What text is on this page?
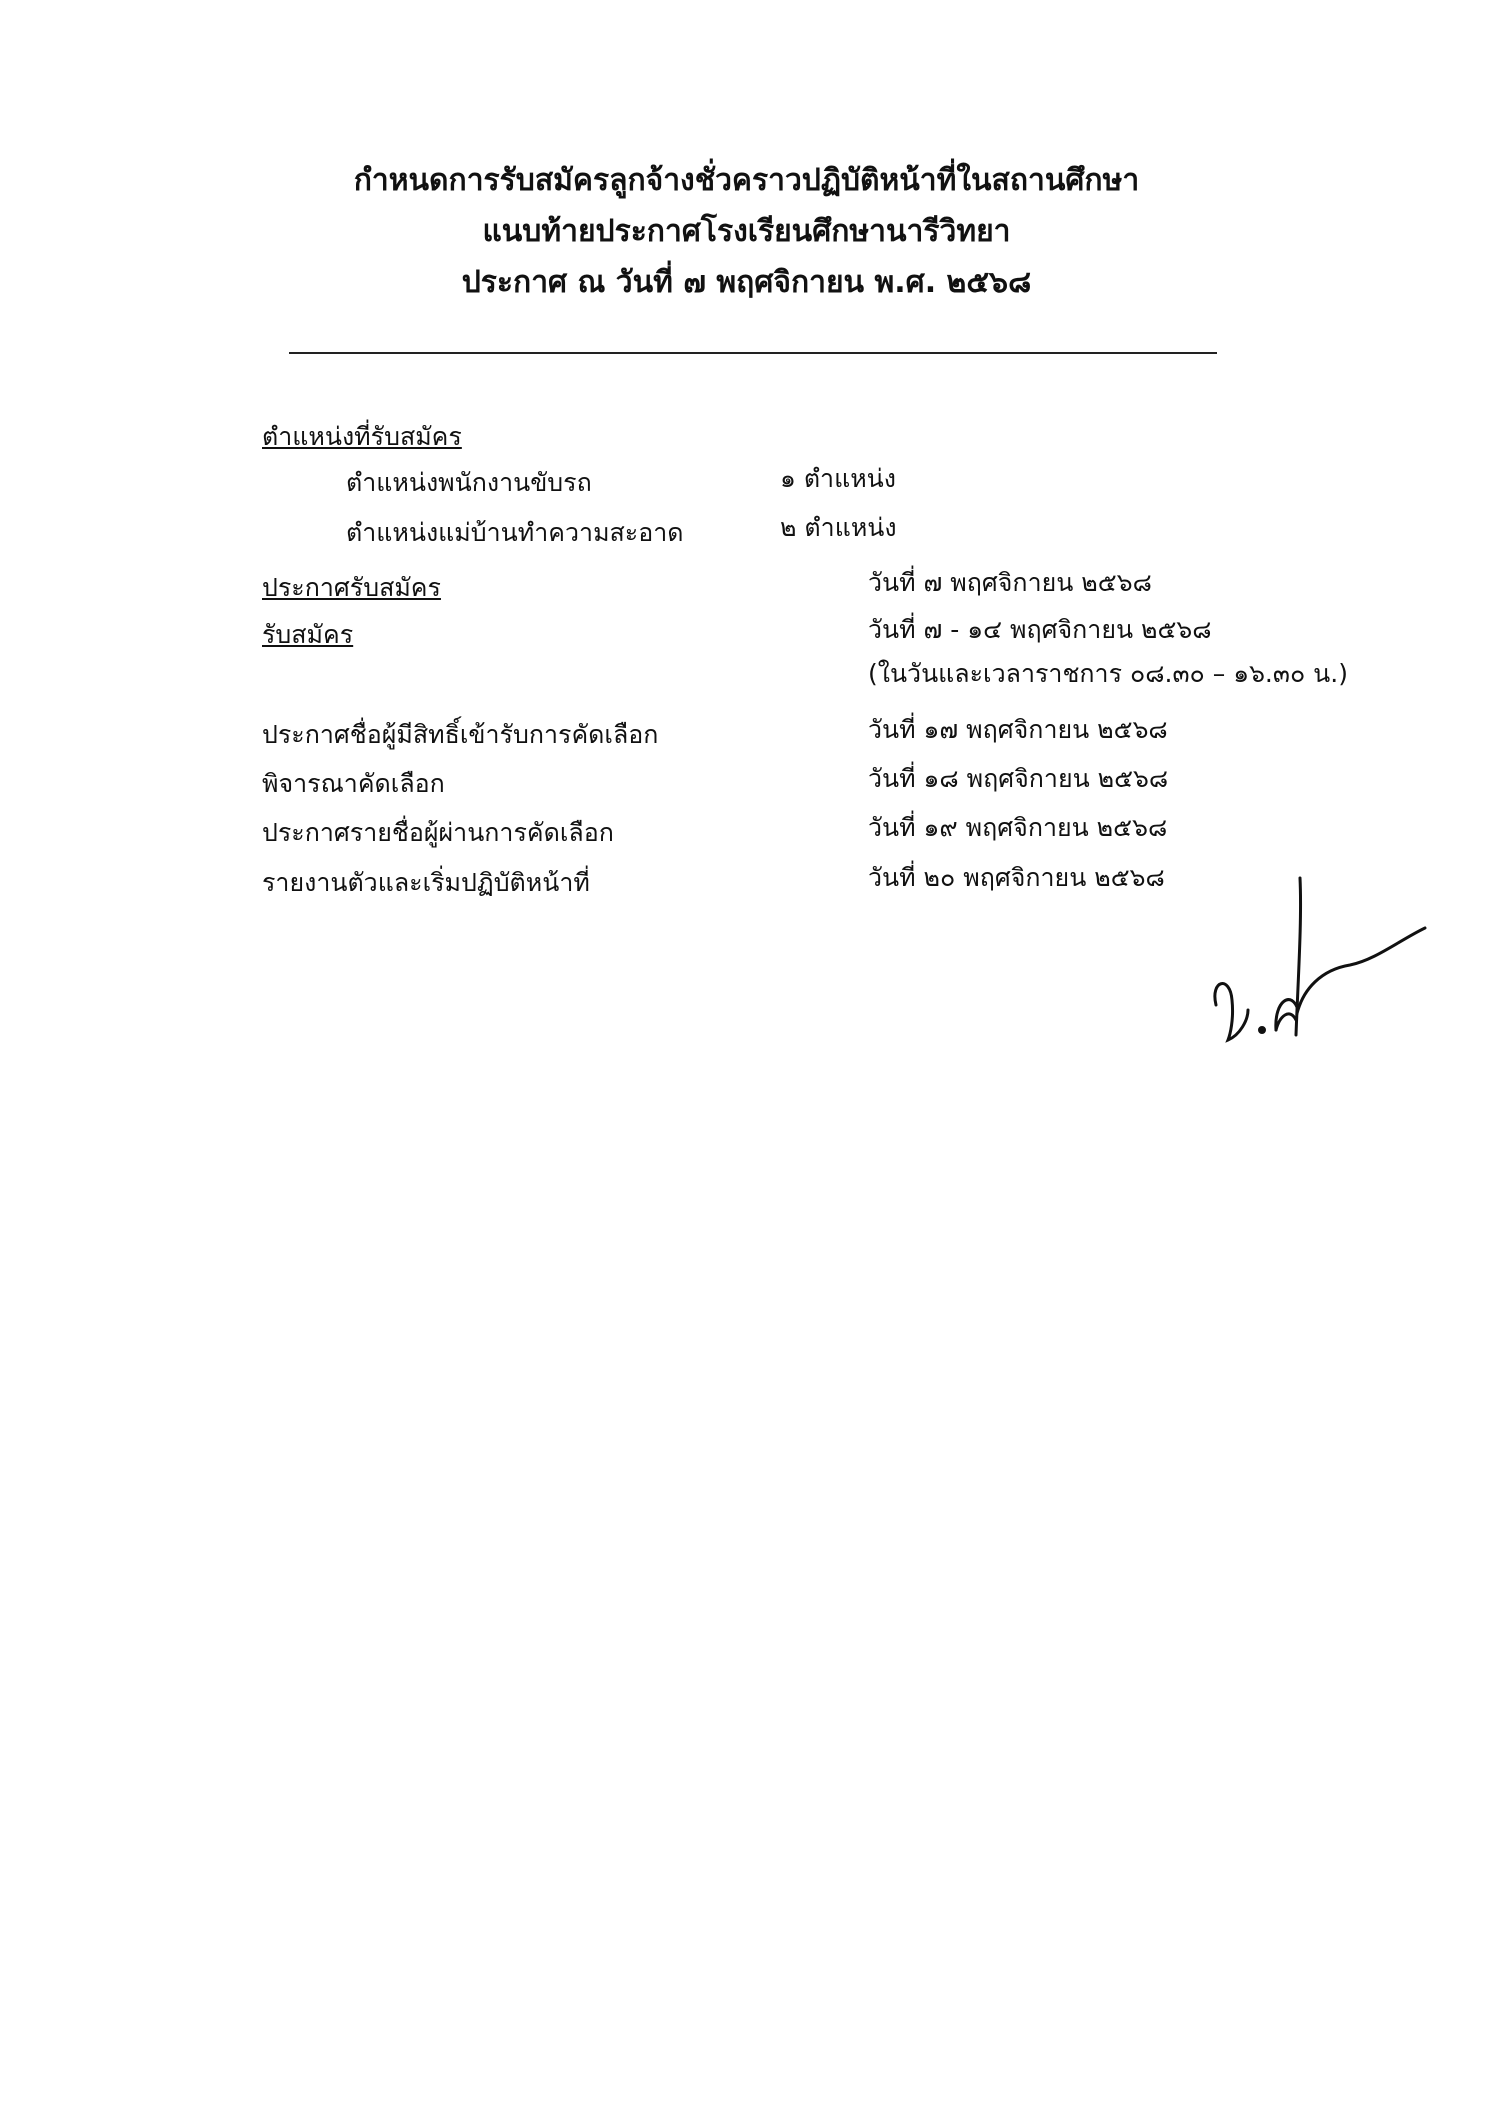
กำหนดการรับสมัครลูกจ้างชั่วคราวปฏิบัติหน้าที่ในสถานศึกษา
แนบท้ายประกาศโรงเรียนศึกษานารีวิทยา
ประกาศ ณ วันที่ ๗ พฤศจิกายน พ.ศ. ๒๕๖๘
ตำแหน่งที่รับสมัคร
ตำแหน่งพนักงานขับรถ	๑ ตำแหน่ง
ตำแหน่งแม่บ้านทำความสะอาด	๒ ตำแหน่ง
ประกาศรับสมัคร	วันที่ ๗ พฤศจิกายน ๒๕๖๘
รับสมัคร	วันที่ ๗ - ๑๔ พฤศจิกายน ๒๕๖๘
(ในวันและเวลาราชการ ๐๘.๓๐ – ๑๖.๓๐ น.)
ประกาศชื่อผู้มีสิทธิ์เข้ารับการคัดเลือก	วันที่ ๑๗ พฤศจิกายน ๒๕๖๘
พิจารณาคัดเลือก	วันที่ ๑๘ พฤศจิกายน ๒๕๖๘
ประกาศรายชื่อผู้ผ่านการคัดเลือก	วันที่ ๑๙ พฤศจิกายน ๒๕๖๘
รายงานตัวและเริ่มปฏิบัติหน้าที่	วันที่ ๒๐ พฤศจิกายน ๒๕๖๘
